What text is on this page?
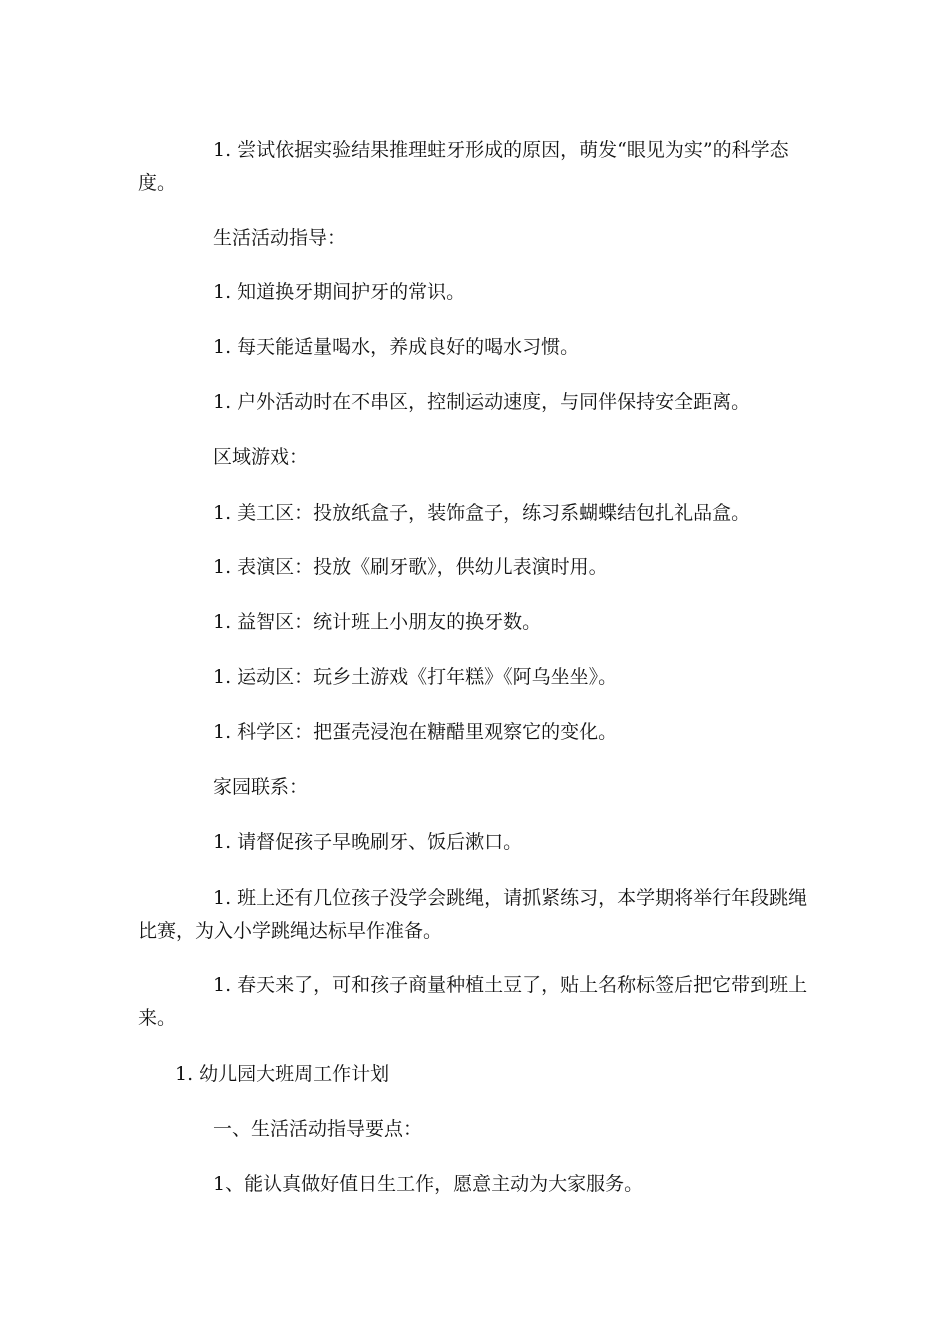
1. 尝试依据实验结果推理蛀牙形成的原因，萌发“眼见为实”的科学态度。

生活活动指导：

1. 知道换牙期间护牙的常识。

1. 每天能适量喝水，养成良好的喝水习惯。

1. 户外活动时在不串区，控制运动速度，与同伴保持安全距离。

区域游戏：

1. 美工区：投放纸盒子，装饰盒子，练习系蝴蝶结包扎礼品盒。

1. 表演区：投放《刷牙歌》，供幼儿表演时用。

1. 益智区：统计班上小朋友的换牙数。

1. 运动区：玩乡土游戏《打年糕》《阿乌坐坐》。

1. 科学区：把蛋壳浸泡在糖醋里观察它的变化。

家园联系：

1. 请督促孩子早晚刷牙、饭后漱口。

1. 班上还有几位孩子没学会跳绳，请抓紧练习，本学期将举行年段跳绳比赛，为入小学跳绳达标早作准备。

1. 春天来了，可和孩子商量种植土豆了，贴上名称标签后把它带到班上来。

1. 幼儿园大班周工作计划

一、生活活动指导要点：

1、能认真做好值日生工作，愿意主动为大家服务。
